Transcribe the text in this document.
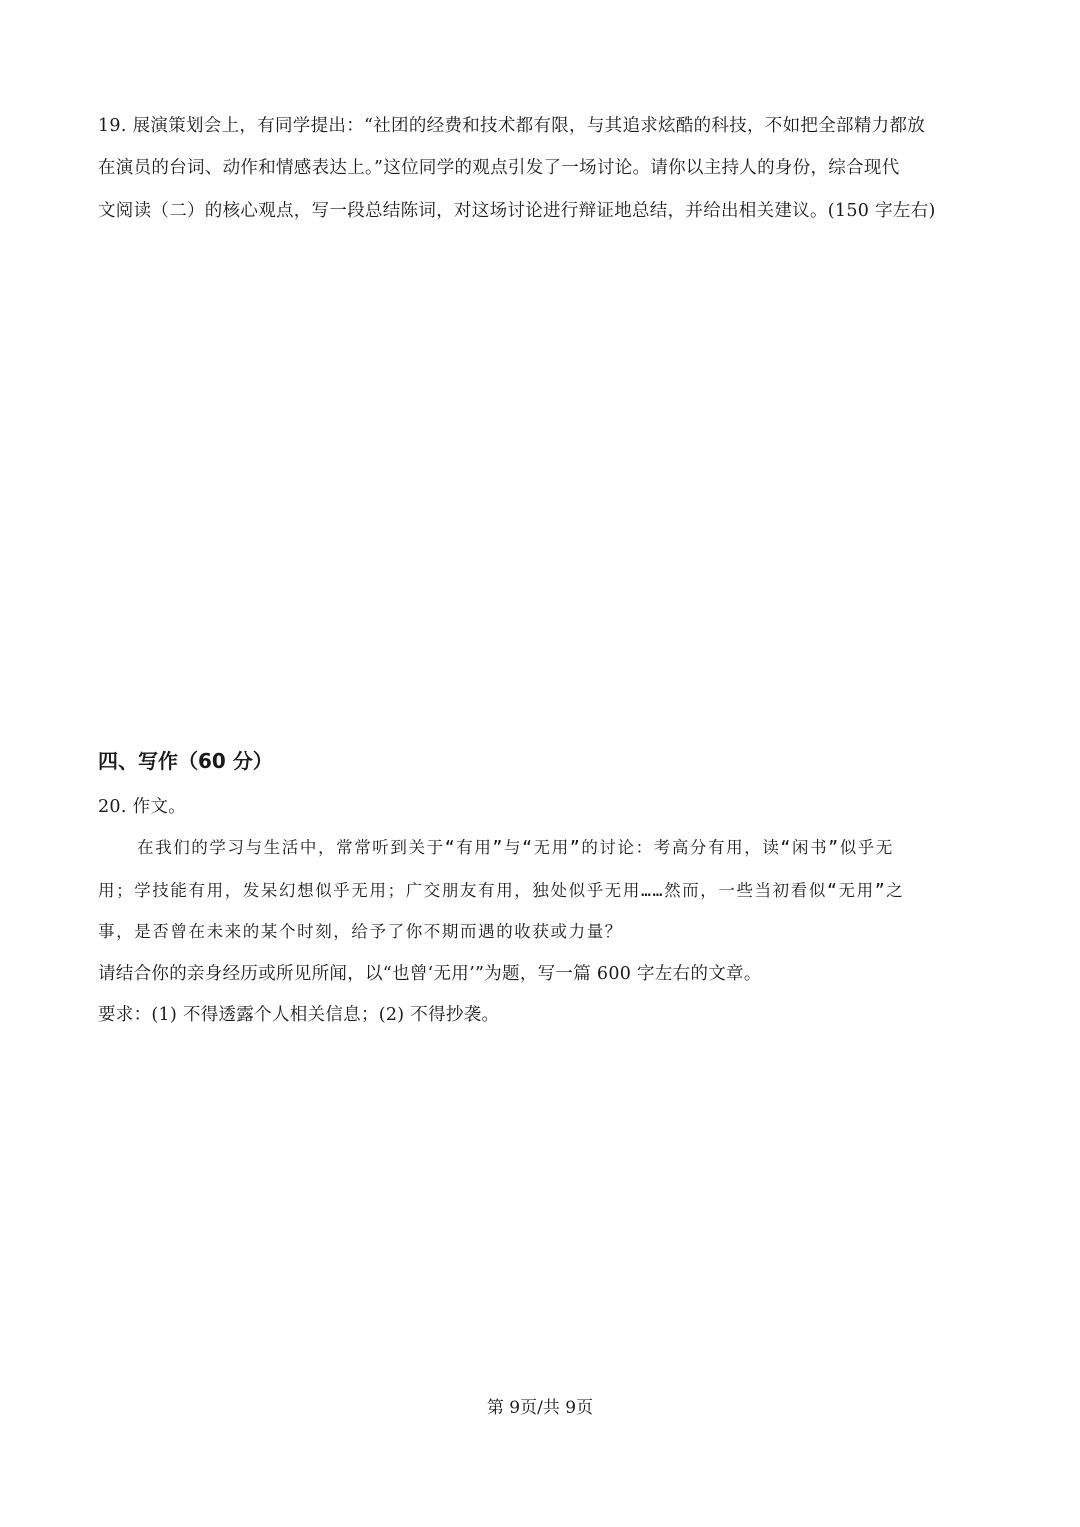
19. 展演策划会上，有同学提出：“社团的经费和技术都有限，与其追求炫酷的科技，不如把全部精力都放
在演员的台词、动作和情感表达上。”这位同学的观点引发了一场讨论。请你以主持人的身份，综合现代
文阅读（二）的核心观点，写一段总结陈词，对这场讨论进行辩证地总结，并给出相关建议。(150 字左右)
四、写作（60 分）
20. 作文。
在我们的学习与生活中，常常听到关于“有用”与“无用”的讨论：考高分有用，读“闲书”似乎无
用；学技能有用，发呆幻想似乎无用；广交朋友有用，独处似乎无用……然而，一些当初看似“无用”之
事，是否曾在未来的某个时刻，给予了你不期而遇的收获或力量？
请结合你的亲身经历或所见所闻，以“也曾‘无用’”为题，写一篇 600 字左右的文章。
要求：(1) 不得透露个人相关信息；(2) 不得抄袭。
第 9页/共 9页
